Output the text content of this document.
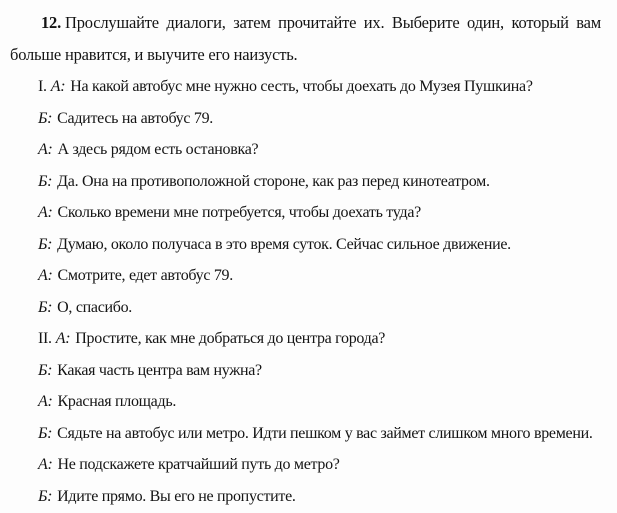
12. Прослушайте диалоги, затем прочитайте их. Выберите один, который вам больше нравится, и выучите его наизусть.

I. А: На какой автобус мне нужно сесть, чтобы доехать до Музея Пушкина?

Б: Садитесь на автобус 79.

А: А здесь рядом есть остановка?

Б: Да. Она на противоположной стороне, как раз перед кинотеатром.

А: Сколько времени мне потребуется, чтобы доехать туда?

Б: Думаю, около получаса в это время суток. Сейчас сильное движение.

А: Смотрите, едет автобус 79.

Б: О, спасибо.

II. А: Простите, как мне добраться до центра города?

Б: Какая часть центра вам нужна?

А: Красная площадь.

Б: Сядьте на автобус или метро. Идти пешком у вас займет слишком много времени.

А: Не подскажете кратчайший путь до метро?

Б: Идите прямо. Вы его не пропустите.
